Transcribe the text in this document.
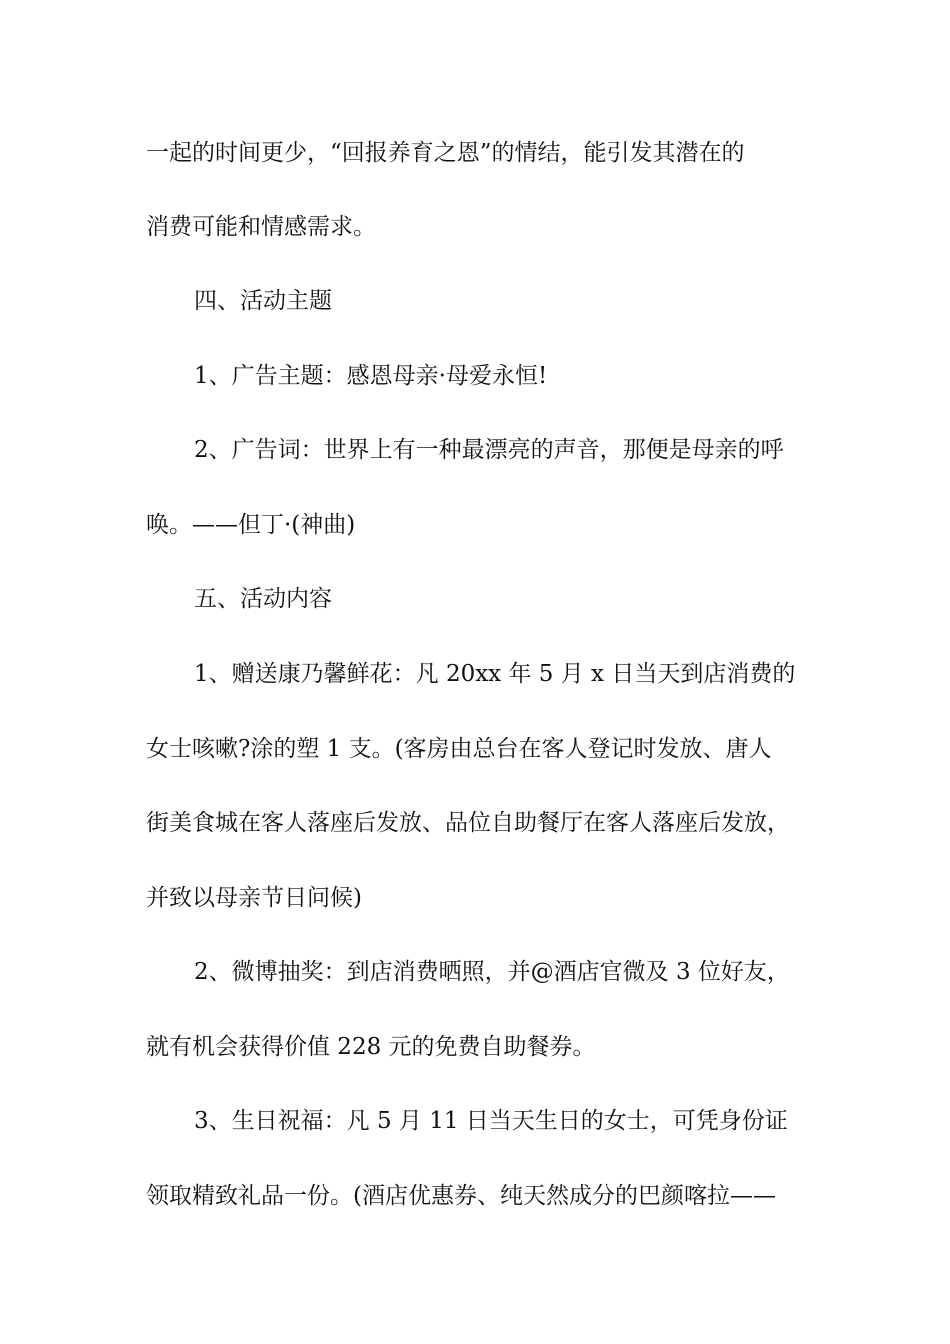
一起的时间更少，“回报养育之恩”的情结，能引发其潜在的
消费可能和情感需求。
四、活动主题
1、广告主题：感恩母亲·母爱永恒!
2、广告词：世界上有一种最漂亮的声音，那便是母亲的呼
唤。——但丁·(神曲)
五、活动内容
1、赠送康乃馨鲜花：凡 20xx 年 5 月 x 日当天到店消费的
女士咳嗽?涂的塑 1 支。(客房由总台在客人登记时发放、唐人
街美食城在客人落座后发放、品位自助餐厅在客人落座后发放，
并致以母亲节日问候)
2、微博抽奖：到店消费晒照，并@酒店官微及 3 位好友，
就有机会获得价值 228 元的免费自助餐券。
3、生日祝福：凡 5 月 11 日当天生日的女士，可凭身份证
领取精致礼品一份。(酒店优惠券、纯天然成分的巴颜喀拉——
